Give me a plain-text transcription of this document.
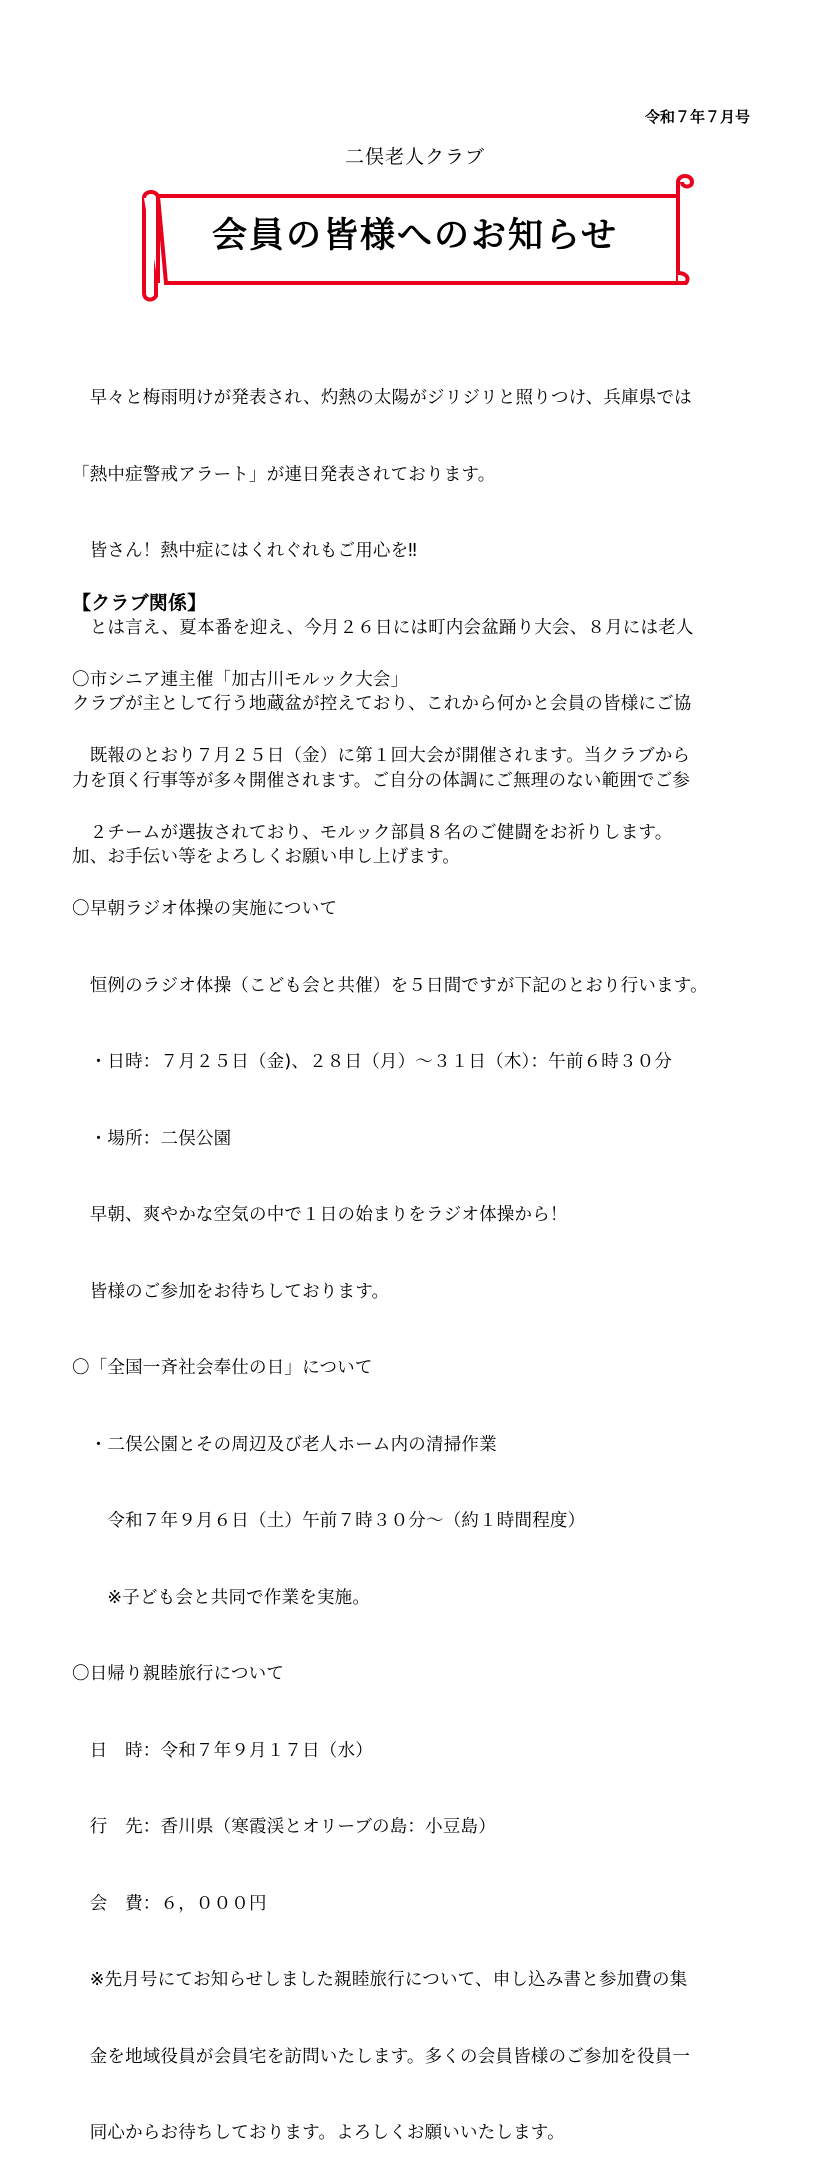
令和７年７月号
二俣老人クラブ
会員の皆様へのお知らせ

　早々と梅雨明けが発表され、灼熱の太陽がジリジリと照りつけ、兵庫県では

「熱中症警戒アラート」が連日発表されております。

　皆さん！熱中症にはくれぐれもご用心を‼

　とは言え、夏本番を迎え、今月２６日には町内会盆踊り大会、８月には老人

クラブが主として行う地蔵盆が控えており、これから何かと会員の皆様にご協

力を頂く行事等が多々開催されます。ご自分の体調にご無理のない範囲でご参

加、お手伝い等をよろしくお願い申し上げます。

【クラブ関係】

〇市シニア連主催「加古川モルック大会」

　既報のとおり７月２５日（金）に第１回大会が開催されます。当クラブから

　２チームが選抜されており、モルック部員８名のご健闘をお祈りします。

〇早朝ラジオ体操の実施について

　恒例のラジオ体操（こども会と共催）を５日間ですが下記のとおり行います。

　・日時：７月２５日（金)、２８日（月）～３１日（木）：午前６時３０分

　・場所：二俣公園

　早朝、爽やかな空気の中で１日の始まりをラジオ体操から！

　皆様のご参加をお待ちしております。

〇「全国一斉社会奉仕の日」について

　・二俣公園とその周辺及び老人ホーム内の清掃作業

　　令和７年９月６日（土）午前７時３０分～（約１時間程度）

　　※子ども会と共同で作業を実施。

〇日帰り親睦旅行について

　日　時：令和７年９月１７日（水）

　行　先：香川県（寒霞渓とオリーブの島：小豆島）

　会　費：６，０００円

　※先月号にてお知らせしました親睦旅行について、申し込み書と参加費の集

　金を地域役員が会員宅を訪問いたします。多くの会員皆様のご参加を役員一

　同心からお待ちしております。よろしくお願いいたします。
